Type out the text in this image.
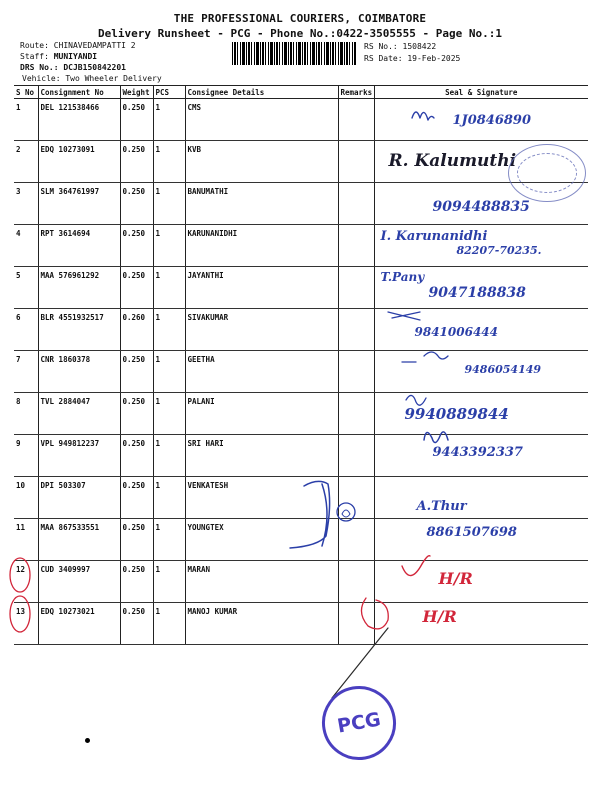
THE PROFESSIONAL COURIERS, COIMBATORE
Delivery Runsheet - PCG - Phone No.:0422-3505555 - Page No.:1
Route: CHINAVEDAMPATTI 2
Staff: MUNIYANDI
DRS No.: DCJB150842201
Vehicle: Two Wheeler Delivery
RS No.: 1508422
RS Date: 19-Feb-2025
S No	Consignment No	Weight	PCS	Consignee Details	Remarks	Seal & Signature
1	DEL 121538466	0.250	1	CMS		1J0846890

2	EDQ 10273091	0.250	1	KVB		R. Kalumuthi

3	SLM 364761997	0.250	1	BANUMATHI		9094488835

4	RPT 3614694	0.250	1	KARUNANIDHI		I. Karunanidhi
82207-70235.

5	MAA 576961292	0.250	1	JAYANTHI		T.Pany
9047188838

6	BLR 4551932517	0.260	1	SIVAKUMAR		9841006444

7	CNR 1860378	0.250	1	GEETHA		9486054149

8	TVL 2884047	0.250	1	PALANI		9940889844

9	VPL 949812237	0.250	1	SRI HARI		9443392337

10	DPI 503307	0.250	1	VENKATESH		A.Thur

11	MAA 867533551	0.250	1	YOUNGTEX		8861507698

12	CUD 3409997	0.250	1	MARAN		H/R

13	EDQ 10273021	0.250	1	MANOJ KUMAR		H/R
PCG
